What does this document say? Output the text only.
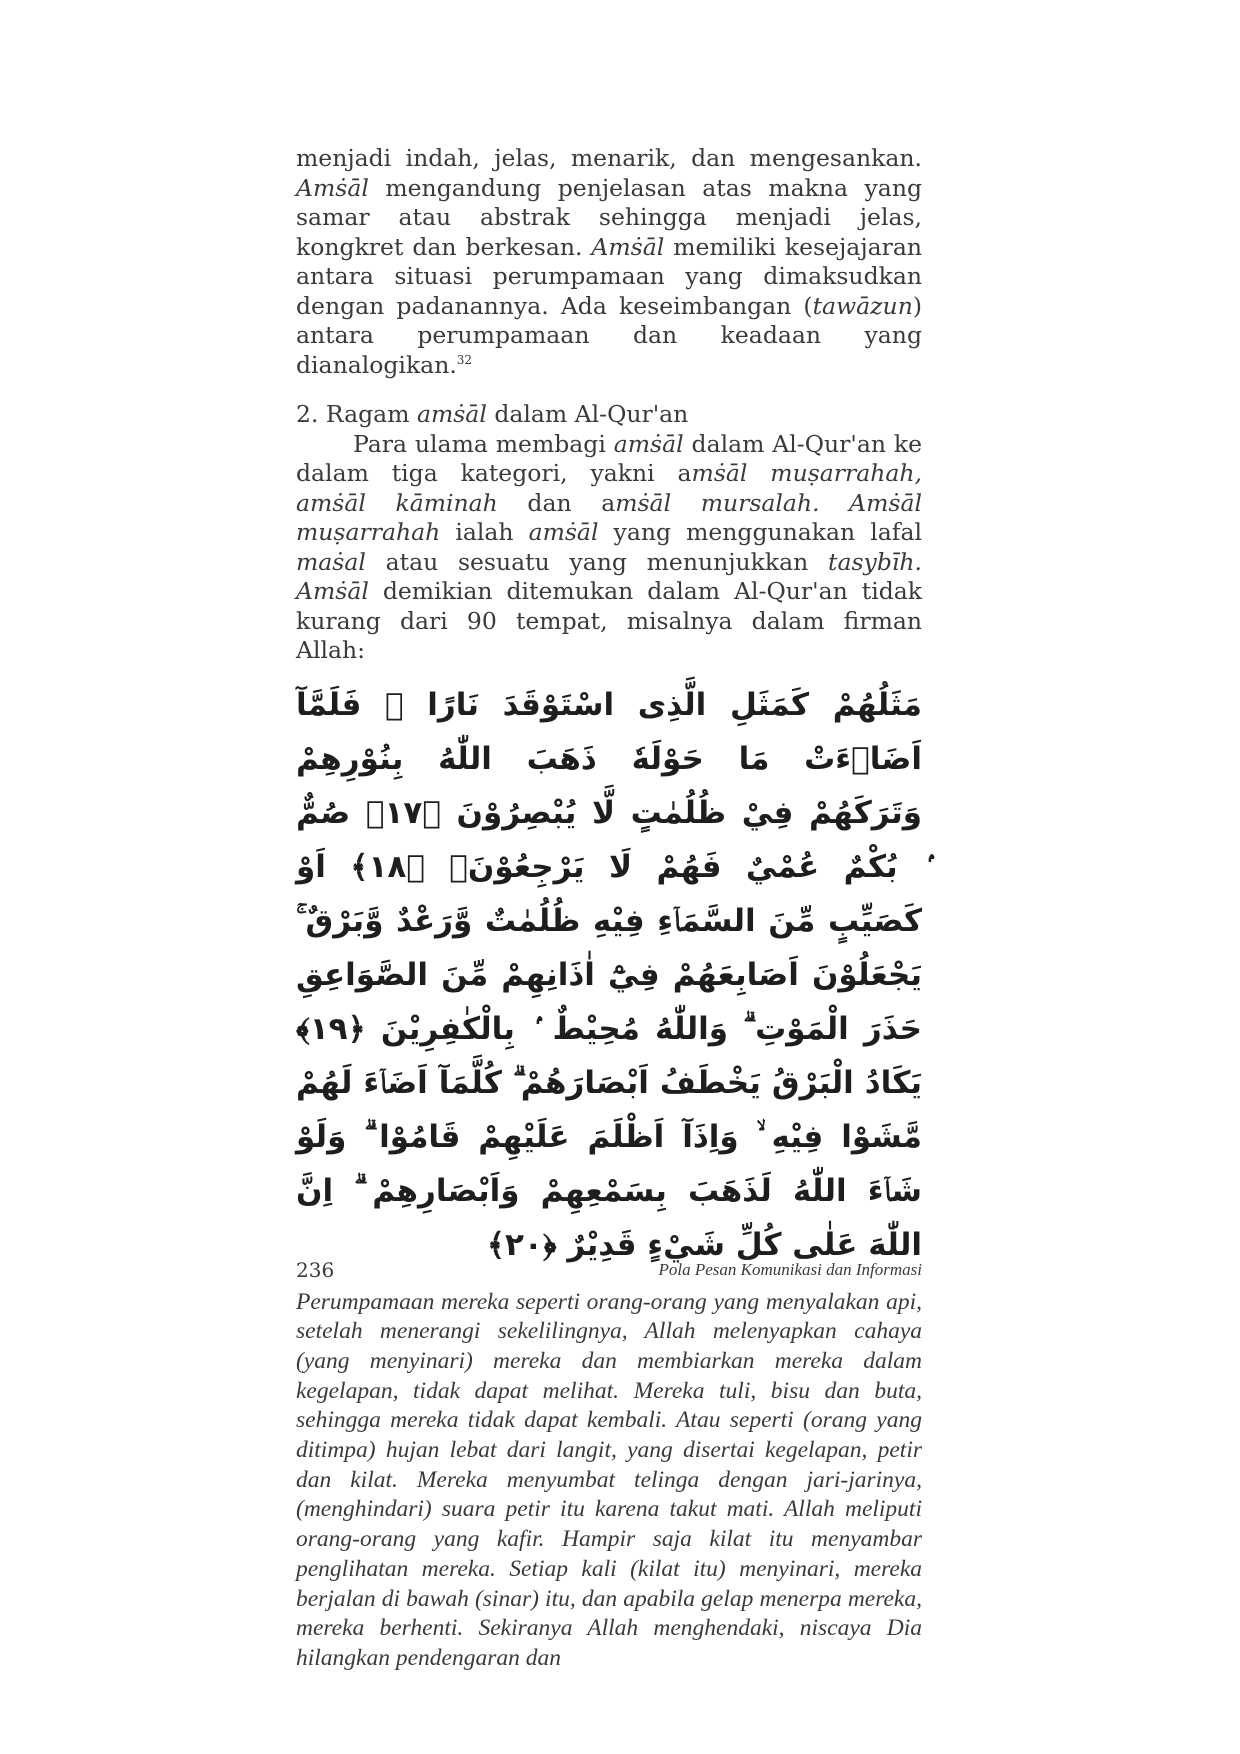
menjadi indah, jelas, menarik, dan mengesankan. Amṡāl mengandung penjelasan atas makna yang samar atau abstrak sehingga menjadi jelas, kongkret dan berkesan. Amṡāl memiliki kesejajaran antara situasi perumpamaan yang dimaksudkan dengan padanannya. Ada keseimbangan (tawāzun) antara perumpamaan dan keadaan yang dianalogikan.$^{32}$

2. Ragam amṡāl dalam Al-Qur'an

Para ulama membagi amṡāl dalam Al-Qur'an ke dalam tiga kategori, yakni amṡāl muṣarrahah, amṡāl kāminah dan amṡāl mursalah. Amṡāl muṣarrahah ialah amṡāl yang menggunakan lafal maṡal atau sesuatu yang menunjukkan tasybīh. Amṡāl demikian ditemukan dalam Al-Qur'an tidak kurang dari 90 tempat, misalnya dalam firman Allah:

مَثَلُهُمْ كَمَثَلِ الَّذِى اسْتَوْقَدَ نَارًا ۚ فَلَمَّآ اَضَاۤءَتْ مَا حَوْلَهٗ ذَهَبَ اللّٰهُ بِنُوْرِهِمْ وَتَرَكَهُمْ فِيْ ظُلُمٰتٍ لَّا يُبْصِرُوْنَ ﴿١٧﴾ صُمٌّ ۢ بُكْمٌ عُمْيٌ فَهُمْ لَا يَرْجِعُوْنَۙ ﴿١٨﴾ اَوْ كَصَيِّبٍ مِّنَ السَّمَاۤءِ فِيْهِ ظُلُمٰتٌ وَّرَعْدٌ وَّبَرْقٌ ۚ يَجْعَلُوْنَ اَصَابِعَهُمْ فِيْٓ اٰذَانِهِمْ مِّنَ الصَّوَاعِقِ حَذَرَ الْمَوْتِ ۗ وَاللّٰهُ مُحِيْطٌ ۢ بِالْكٰفِرِيْنَ ﴿١٩﴾ يَكَادُ الْبَرْقُ يَخْطَفُ اَبْصَارَهُمْ ۗ كُلَّمَآ اَضَاۤءَ لَهُمْ مَّشَوْا فِيْهِ ۙ وَاِذَآ اَظْلَمَ عَلَيْهِمْ قَامُوْا ۗ وَلَوْ شَاۤءَ اللّٰهُ لَذَهَبَ بِسَمْعِهِمْ وَاَبْصَارِهِمْ ۗ اِنَّ اللّٰهَ عَلٰى كُلِّ شَيْءٍ قَدِيْرٌ ﴿٢٠﴾

Perumpamaan mereka seperti orang-orang yang menyalakan api, setelah menerangi sekelilingnya, Allah melenyapkan cahaya (yang menyinari) mereka dan membiarkan mereka dalam kegelapan, tidak dapat melihat. Mereka tuli, bisu dan buta, sehingga mereka tidak dapat kembali. Atau seperti (orang yang ditimpa) hujan lebat dari langit, yang disertai kegelapan, petir dan kilat. Mereka menyumbat telinga dengan jari-jarinya, (menghindari) suara petir itu karena takut mati. Allah meliputi orang-orang yang kafir. Hampir saja kilat itu menyambar penglihatan mereka. Setiap kali (kilat itu) menyinari, mereka berjalan di bawah (sinar) itu, dan apabila gelap menerpa mereka, mereka berhenti. Sekiranya Allah menghendaki, niscaya Dia hilangkan pendengaran dan

236	Pola Pesan Komunikasi dan Informasi
